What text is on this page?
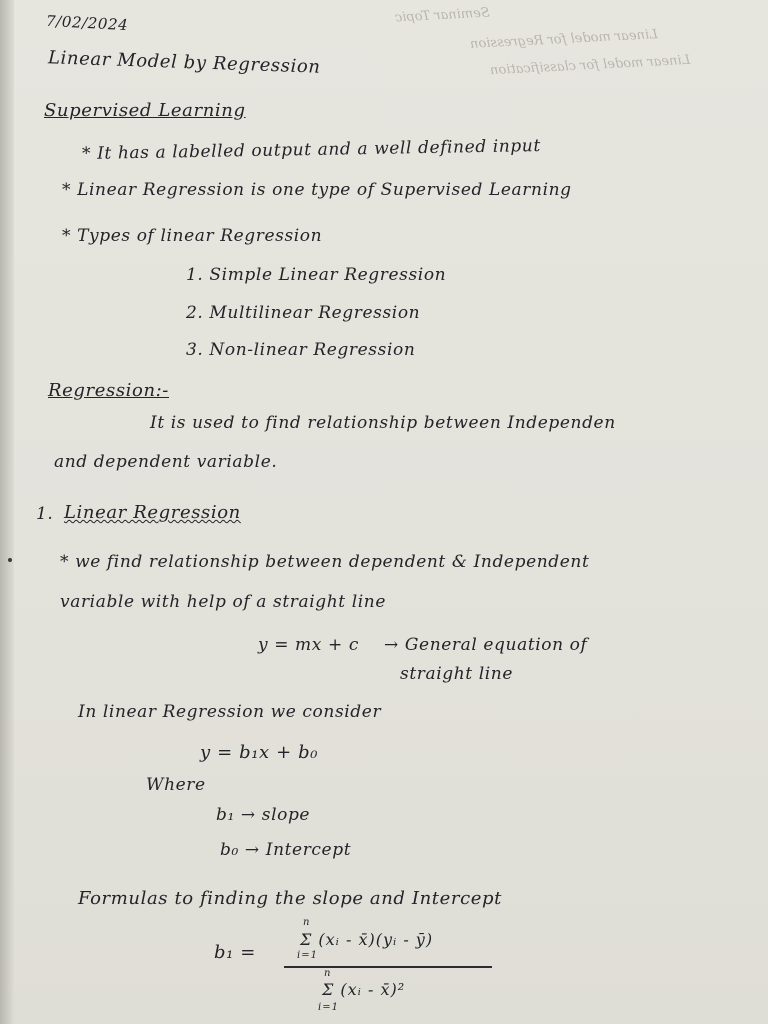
Seminar Topic
Linear model for Regression
Linear model for classification
7/02/2024
Linear Model by Regression
Supervised Learning
* It has a labelled output and a well defined input
* Linear Regression is one type of Supervised Learning
* Types of linear Regression
1. Simple Linear Regression
2. Multilinear Regression
3. Non-linear Regression
Regression:-
It is used to find relationship between Independen
and dependent variable.
1. Linear Regression
* we find relationship between dependent & Independent
variable with help of a straight line
y = mx + c → General equation of
straight line
In linear Regression we consider
y = b₁x + b₀
Where
b₁ → slope
b₀ → Intercept
Formulas to finding the slope and Intercept
b₁ =
n
Σ (xᵢ - x̄)(yᵢ - ȳ)
i=1
n
Σ (xᵢ - x̄)²
i=1
